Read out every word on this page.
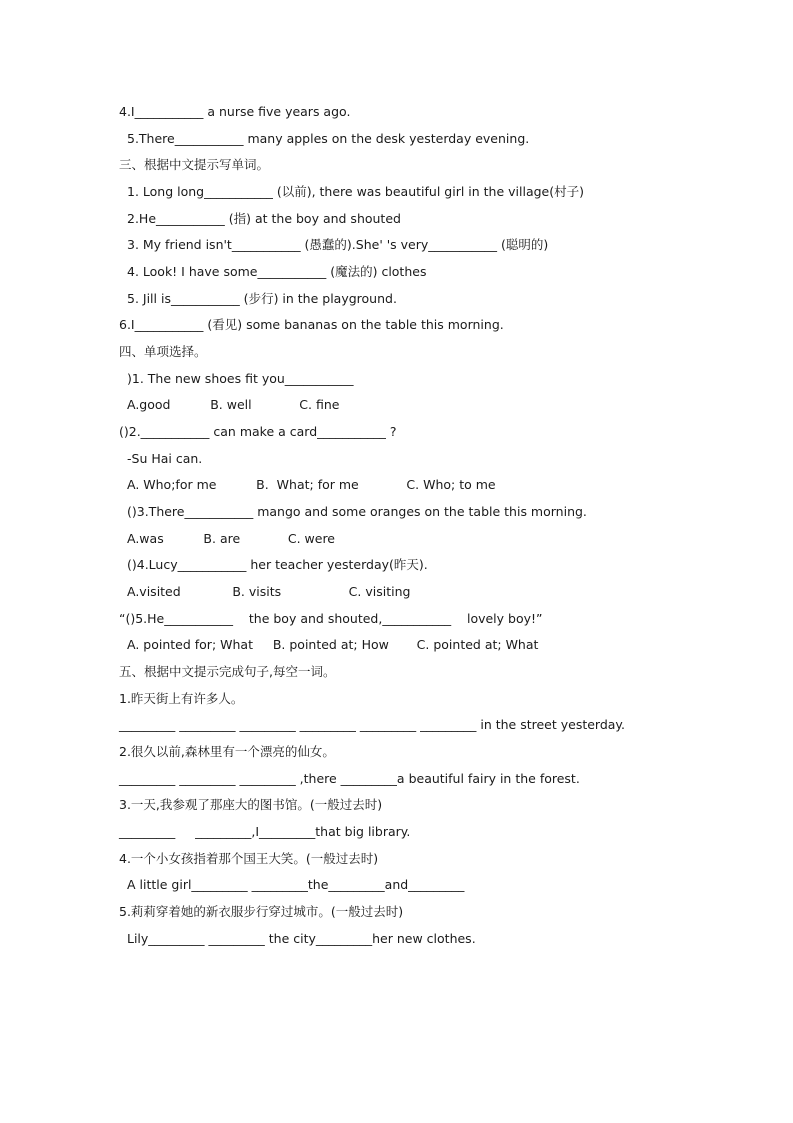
4.I___________ a nurse five years ago.
5.There___________ many apples on the desk yesterday evening.
三、根据中文提示写单词。
1. Long long___________ (以前), there was beautiful girl in the village(村子)
2.He___________ (指) at the boy and shouted
3. My friend isn't___________ (愚蠢的).She' 's very___________ (聪明的)
4. Look! I have some___________ (魔法的) clothes
5. Jill is___________ (步行) in the playground.
6.I___________ (看见) some bananas on the table this morning.
四、单项选择。
)1. The new shoes fit you___________
A.good          B. well            C. fine
()2.___________ can make a card___________ ?
-Su Hai can.
A. Who;for me          B.  What; for me            C. Who; to me
()3.There___________ mango and some oranges on the table this morning.
A.was          B. are            C. were
()4.Lucy___________ her teacher yesterday(昨天).
A.visited             B. visits                 C. visiting
“()5.He___________    the boy and shouted,___________    lovely boy!”
A. pointed for; What     B. pointed at; How       C. pointed at; What
五、根据中文提示完成句子,每空一词。
1.昨天街上有许多人。
_________ _________ _________ _________ _________ _________ in the street yesterday.
2.很久以前,森林里有一个漂亮的仙女。
_________ _________ _________ ,there _________a beautiful fairy in the forest.
3.一天,我参观了那座大的图书馆。(一般过去时)
_________     _________,I_________that big library.
4.一个小女孩指着那个国王大笑。(一般过去时)
A little girl_________ _________the_________and_________
5.莉莉穿着她的新衣服步行穿过城市。(一般过去时)
Lily_________ _________ the city_________her new clothes.
